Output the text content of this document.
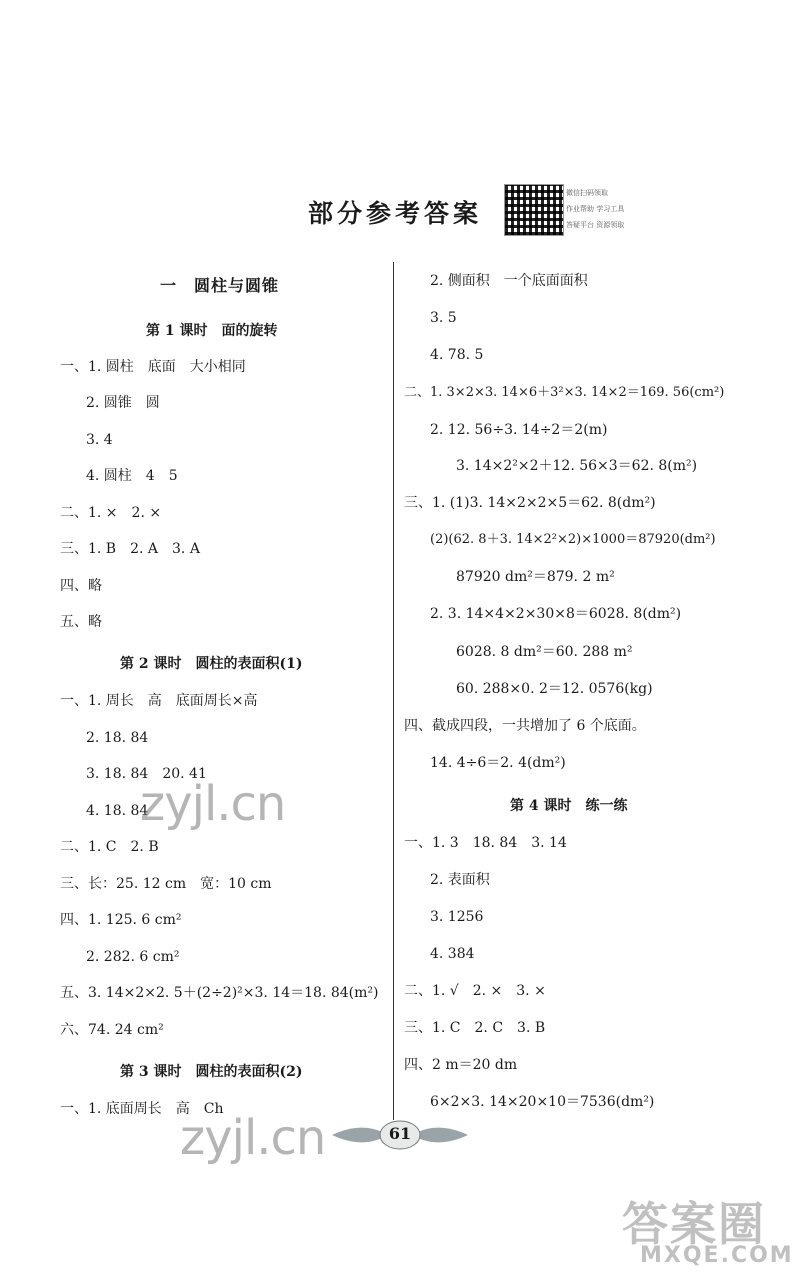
部分参考答案
微信扫码领取
作业帮助 学习工具
答疑平台 资源领取
一　圆柱与圆锥
第 1 课时　面的旋转
一、1. 圆柱　底面　大小相同
2. 圆锥　圆
3. 4
4. 圆柱　4　5
二、1. ×　2. ×
三、1. B　2. A　3. A
四、略
五、略
第 2 课时　圆柱的表面积(1)
一、1. 周长　高　底面周长×高
2. 18. 84
3. 18. 84　20. 41
4. 18. 84
二、1. C　2. B
三、长：25. 12 cm　宽：10 cm
四、1. 125. 6 cm²
2. 282. 6 cm²
五、3. 14×2×2. 5＋(2÷2)²×3. 14＝18. 84(m²)
六、74. 24 cm²
第 3 课时　圆柱的表面积(2)
一、1. 底面周长　高　Ch
2. 侧面积　一个底面面积
3. 5
4. 78. 5
二、1. 3×2×3. 14×6＋3²×3. 14×2＝169. 56(cm²)
2. 12. 56÷3. 14÷2＝2(m)
3. 14×2²×2＋12. 56×3＝62. 8(m²)
三、1. (1)3. 14×2×2×5＝62. 8(dm²)
(2)(62. 8＋3. 14×2²×2)×1000＝87920(dm²)
87920 dm²＝879. 2 m²
2. 3. 14×4×2×30×8＝6028. 8(dm²)
6028. 8 dm²＝60. 288 m²
60. 288×0. 2＝12. 0576(kg)
四、截成四段，一共增加了 6 个底面。
14. 4÷6＝2. 4(dm²)
第 4 课时　练一练
一、1. 3　18. 84　3. 14
2. 表面积
3. 1256
4. 384
二、1. √　2. ×　3. ×
三、1. C　2. C　3. B
四、2 m＝20 dm
6×2×3. 14×20×10＝7536(dm²)
zyjl.cn
zyjl.cn	61
答案圈
MXQE.COM
